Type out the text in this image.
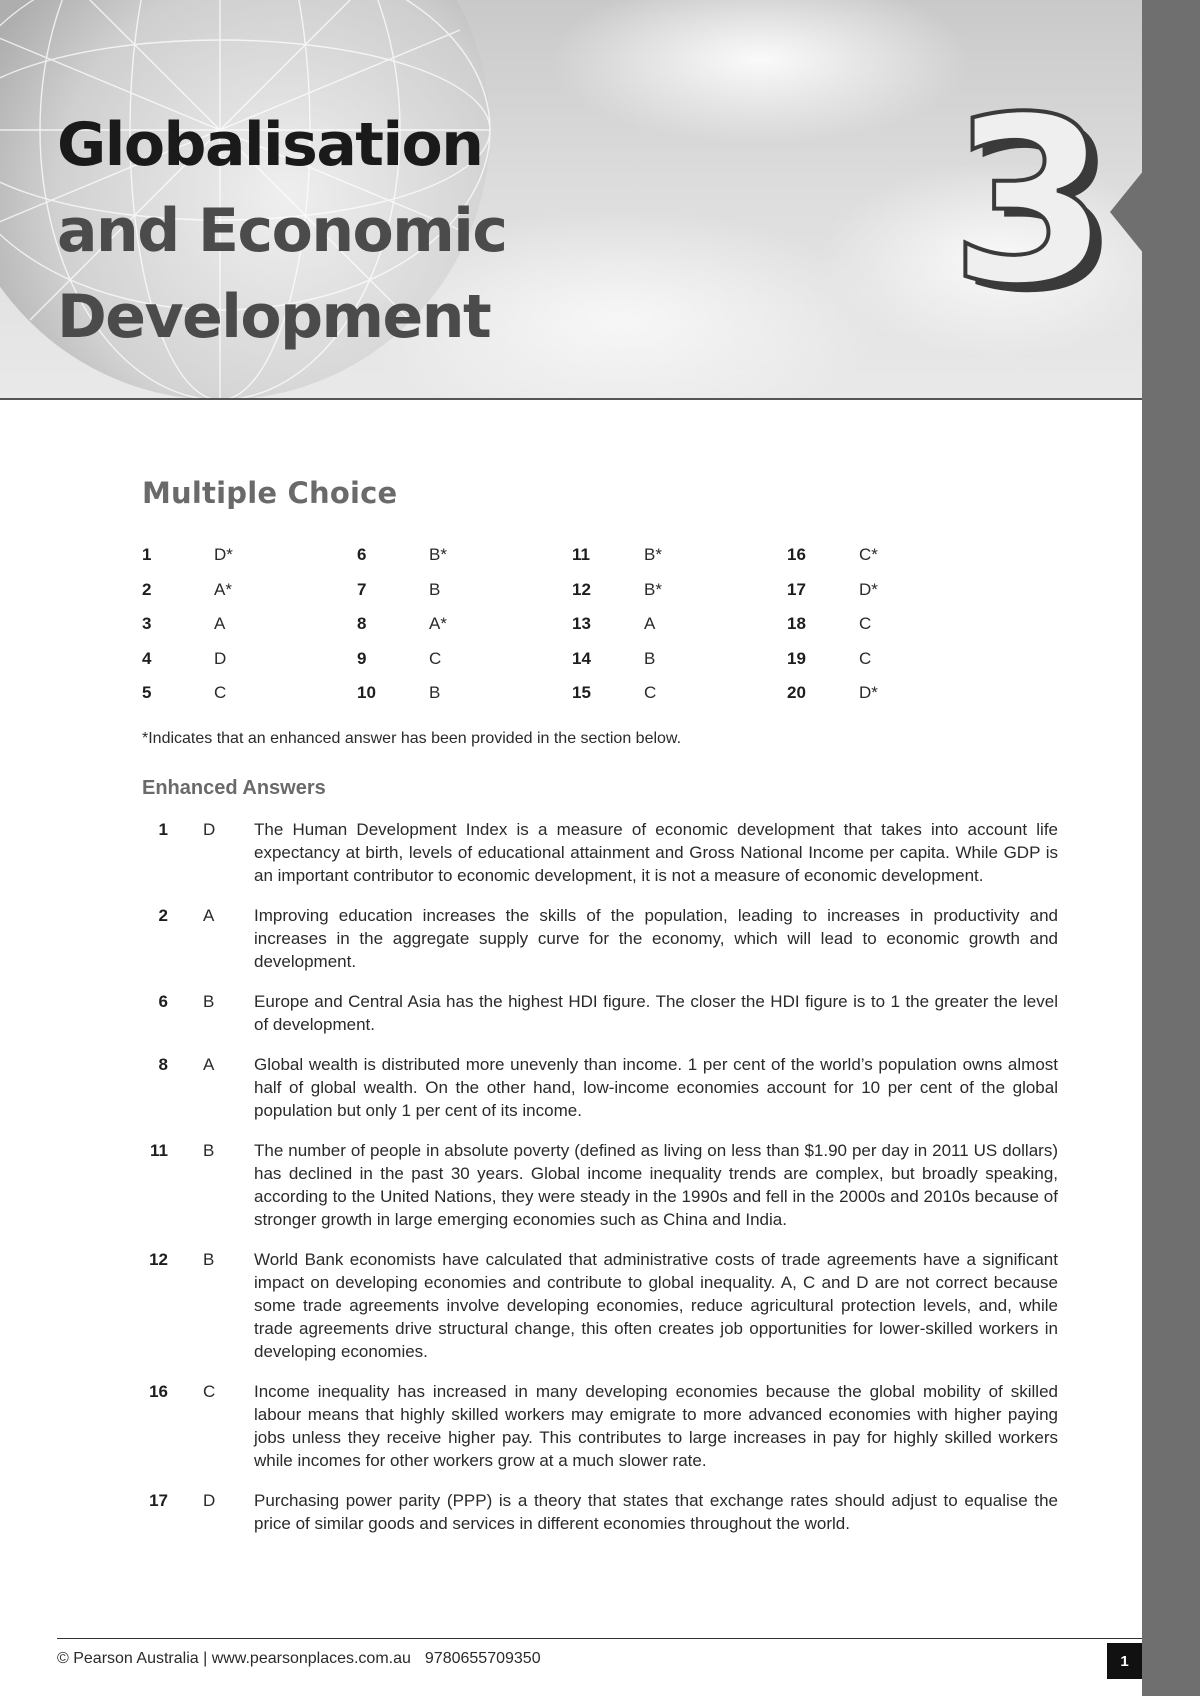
Globalisation
and Economic
Development 3
Multiple Choice
1	D*	6	B*	11	B*	16	C*
2	A*	7	B	12	B*	17	D*
3	A	8	A*	13	A	18	C
4	D	9	C	14	B	19	C
5	C	10	B	15	C	20	D*

*Indicates that an enhanced answer has been provided in the section below.

Enhanced Answers
1 D	The Human Development Index is a measure of economic development that takes into account life expectancy at birth, levels of educational attainment and Gross National Income per capita. While GDP is an important contributor to economic development, it is not a measure of economic development.
2 A	Improving education increases the skills of the population, leading to increases in productivity and increases in the aggregate supply curve for the economy, which will lead to economic growth and development.
6 B	Europe and Central Asia has the highest HDI figure. The closer the HDI figure is to 1 the greater the level of development.
8 A	Global wealth is distributed more unevenly than income. 1 per cent of the world’s population owns almost half of global wealth. On the other hand, low-income economies account for 10 per cent of the global population but only 1 per cent of its income.
11 B	The number of people in absolute poverty (defined as living on less than $1.90 per day in 2011 US dollars) has declined in the past 30 years. Global income inequality trends are complex, but broadly speaking, according to the United Nations, they were steady in the 1990s and fell in the 2000s and 2010s because of stronger growth in large emerging economies such as China and India.
12 B	World Bank economists have calculated that administrative costs of trade agreements have a significant impact on developing economies and contribute to global inequality. A, C and D are not correct because some trade agreements involve developing economies, reduce agricultural protection levels, and, while trade agreements drive structural change, this often creates job opportunities for lower-skilled workers in developing economies.
16 C	Income inequality has increased in many developing economies because the global mobility of skilled labour means that highly skilled workers may emigrate to more advanced economies with higher paying jobs unless they receive higher pay. This contributes to large increases in pay for highly skilled workers while incomes for other workers grow at a much slower rate.
17 D	Purchasing power parity (PPP) is a theory that states that exchange rates should adjust to equalise the price of similar goods and services in different economies throughout the world.

© Pearson Australia | www.pearsonplaces.com.au 9780655709350	1
